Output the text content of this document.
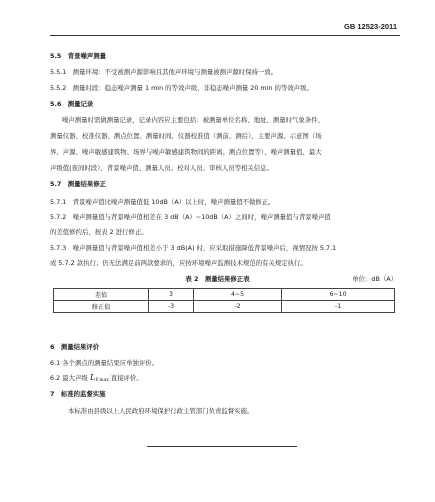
GB 12523-2011
5.5　背景噪声测量
5.5.1　测量环境：不受被测声源影响且其他声环境与测量被测声源时保持一致。
5.5.2　测量时段：稳态噪声测量 1 min 的等效声级，非稳态噪声测量 20 min 的等效声级。
5.6　测量记录
噪声测量时需做测量记录，记录内容应主要包括：被测量单位名称、地址、测量时气象条件、
测量仪器、校准仪器、测点位置、测量时间、仪器校准值（测前、测后）、主要声源、示意图（场
界、声源、噪声敏感建筑物、场界与噪声敏感建筑物间的距离、测点位置等）、噪声测量值、最大
声级值(夜间时段）、背景噪声值、测量人员、校对人员、审核人员等相关信息。
5.7　测量结果修正
5.7.1　背景噪声值比噪声测量值低 10dB（A）以上时，噪声测量值不做修正。
5.7.2　噪声测量值与背景噪声值相差在 3 dB（A）~10dB（A）之间时，噪声测量值与背景噪声值
的差值修约后，按表 2 进行修正。
5.7.3　噪声测量值与背景噪声值相差小于 3 dB(A) 时，应采取措施降低背景噪声后，视情况按 5.7.1
或 5.7.2 款执行；仍无法满足前两款要求的，应按环境噪声监测技术规范的有关规定执行。
表 2　测量结果修正表	单位：dB（A）
差值	3	4~5	6~10
修正值	-3	-2	-1
6　测量结果评价
6.1 各个测点的测量结果应单独评价。
6.2 最大声级 LF,max 直接评价。
7　标准的监督实施
本标准由县级以上人民政府环境保护行政主管部门负责监督实施。
